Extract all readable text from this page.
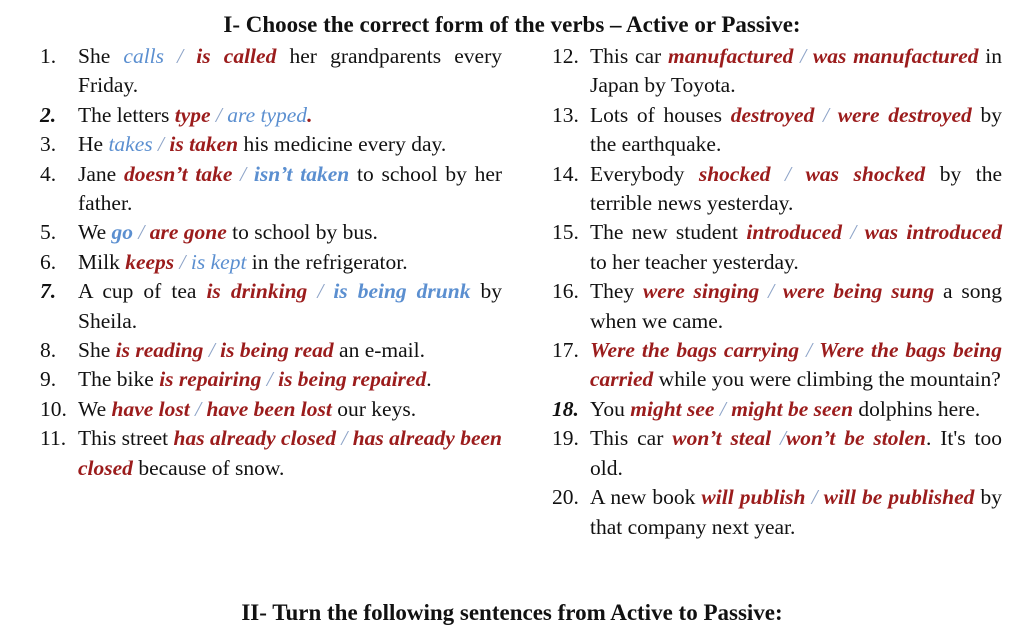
I- Choose the correct form of the verbs – Active or Passive:
1.	She calls / is called her grandparents every Friday.
2.	The letters type / are typed.
3.	He takes / is taken his medicine every day.
4.	Jane doesn’t take / isn’t taken to school by her father.
5.	We go / are gone to school by bus.
6.	Milk keeps / is kept in the refrigerator.
7.	A cup of tea is drinking / is being drunk by Sheila.
8.	She is reading / is being read an e-mail.
9.	The bike is repairing / is being repaired.
10. We have lost / have been lost our keys.
11. This street has already closed / has already been closed because of snow.
12. This car manufactured / was manufactured in Japan by Toyota.
13. Lots of houses destroyed / were destroyed by the earthquake.
14. Everybody shocked / was shocked by the terrible news yesterday.
15. The new student introduced / was introduced to her teacher yesterday.
16. They were singing / were being sung a song when we came.
17. Were the bags carrying / Were the bags being carried while you were climbing the mountain?
18. You might see / might be seen dolphins here.
19. This car won’t steal /won’t be stolen. It's too old.
20. A new book will publish / will be published by that company next year.
II- Turn the following sentences from Active to Passive:
